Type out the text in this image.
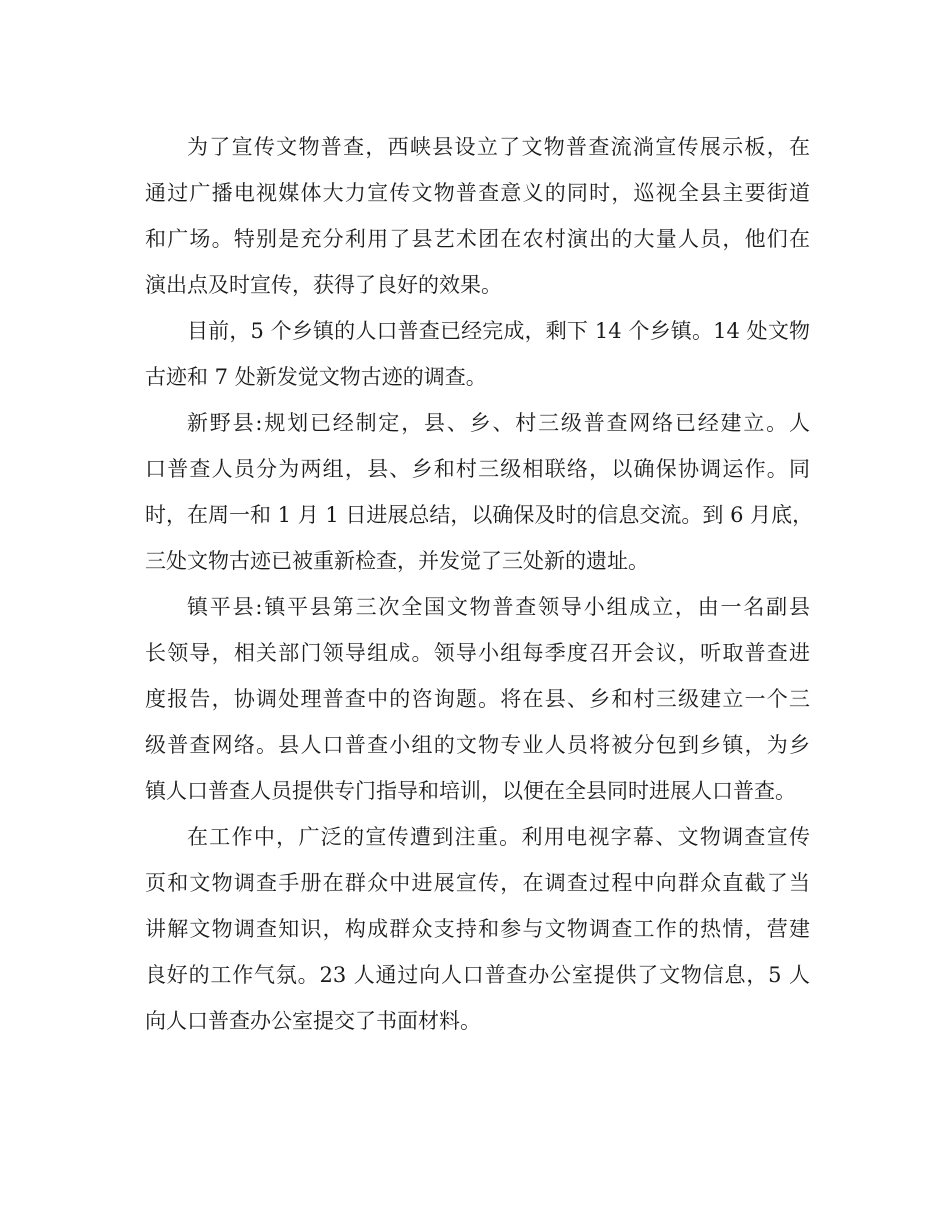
为了宣传文物普查，西峡县设立了文物普查流淌宣传展示板，在
通过广播电视媒体大力宣传文物普查意义的同时，巡视全县主要街道
和广场。特别是充分利用了县艺术团在农村演出的大量人员，他们在
演出点及时宣传，获得了良好的效果。
目前，5 个乡镇的人口普查已经完成，剩下 14 个乡镇。14 处文物
古迹和 7 处新发觉文物古迹的调查。
新野县:规划已经制定，县、乡、村三级普查网络已经建立。人
口普查人员分为两组，县、乡和村三级相联络，以确保协调运作。同
时，在周一和 1 月 1 日进展总结，以确保及时的信息交流。到 6 月底，
三处文物古迹已被重新检查，并发觉了三处新的遗址。
镇平县:镇平县第三次全国文物普查领导小组成立，由一名副县
长领导，相关部门领导组成。领导小组每季度召开会议，听取普查进
度报告，协调处理普查中的咨询题。将在县、乡和村三级建立一个三
级普查网络。县人口普查小组的文物专业人员将被分包到乡镇，为乡
镇人口普查人员提供专门指导和培训，以便在全县同时进展人口普查。
在工作中，广泛的宣传遭到注重。利用电视字幕、文物调查宣传
页和文物调查手册在群众中进展宣传，在调查过程中向群众直截了当
讲解文物调查知识，构成群众支持和参与文物调查工作的热情，营建
良好的工作气氛。23 人通过向人口普查办公室提供了文物信息，5 人
向人口普查办公室提交了书面材料。
